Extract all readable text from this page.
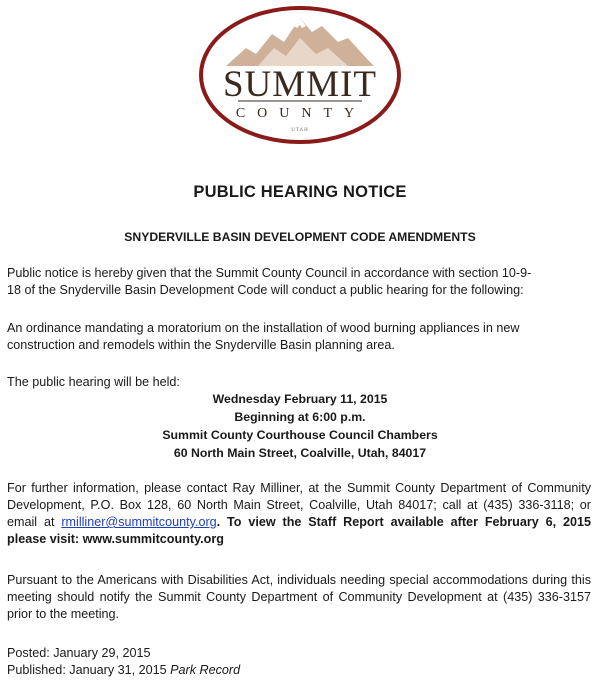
SUMMIT
COUNTY
UTAH
PUBLIC HEARING NOTICE
SNYDERVILLE BASIN DEVELOPMENT CODE AMENDMENTS
Public notice is hereby given that the Summit County Council in accordance with section 10-9-
18 of the Snyderville Basin Development Code will conduct a public hearing for the following:
An ordinance mandating a moratorium on the installation of wood burning appliances in new
construction and remodels within the Snyderville Basin planning area.
The public hearing will be held:
Wednesday February 11, 2015
Beginning at 6:00 p.m.
Summit County Courthouse Council Chambers
60 North Main Street, Coalville, Utah, 84017

For further information, please contact Ray Milliner, at the Summit County Department of Community Development, P.O. Box 128, 60 North Main Street, Coalville, Utah 84017; call at (435) 336-3118; or email at rmilliner@summitcounty.org. To view the Staff Report available after February 6, 2015 please visit: www.summitcounty.org

Pursuant to the Americans with Disabilities Act, individuals needing special accommodations during this meeting should notify the Summit County Department of Community Development at (435) 336-3157 prior to the meeting.

Posted: January 29, 2015
Published: January 31, 2015 Park Record
